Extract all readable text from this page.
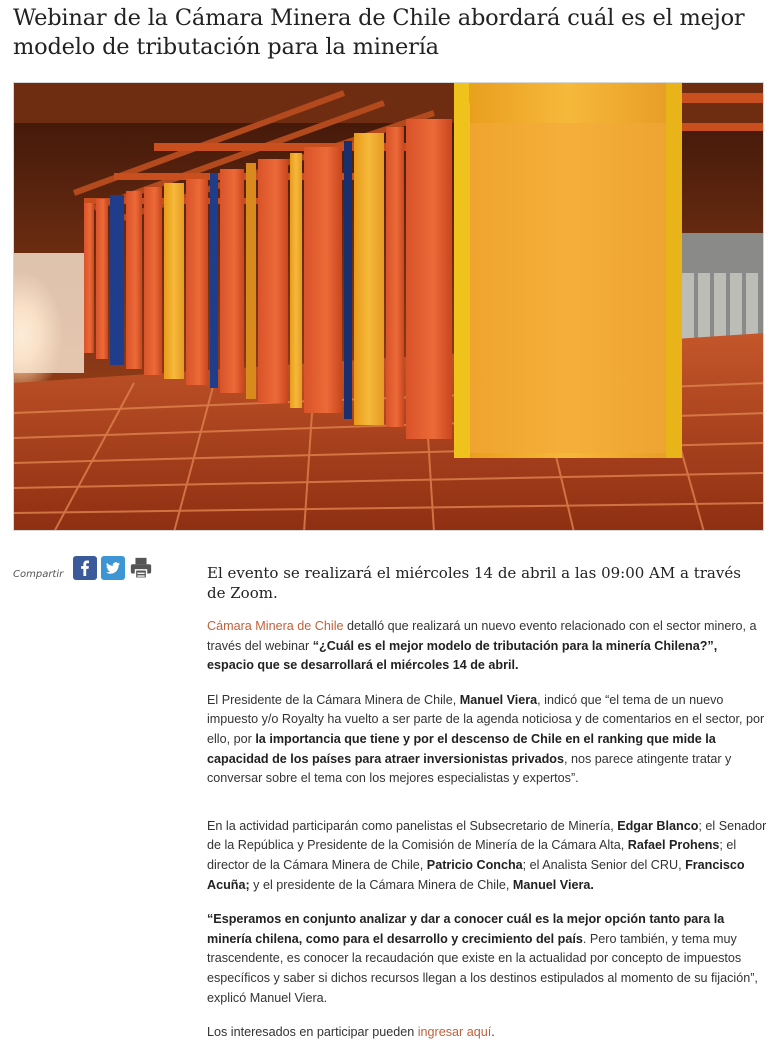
Webinar de la Cámara Minera de Chile abordará cuál es el mejor modelo de tributación para la minería
Compartir	El evento se realizará el miércoles 14 de abril a las 09:00 AM a través de Zoom.

Cámara Minera de Chile detalló que realizará un nuevo evento relacionado con el sector minero, a través del webinar “¿Cuál es el mejor modelo de tributación para la minería Chilena?”, espacio que se desarrollará el miércoles 14 de abril.

El Presidente de la Cámara Minera de Chile, Manuel Viera, indicó que “el tema de un nuevo impuesto y/o Royalty ha vuelto a ser parte de la agenda noticiosa y de comentarios en el sector, por ello, por la importancia que tiene y por el descenso de Chile en el ranking que mide la capacidad de los países para atraer inversionistas privados, nos parece atingente tratar y conversar sobre el tema con los mejores especialistas y expertos”.

En la actividad participarán como panelistas el Subsecretario de Minería, Edgar Blanco; el Senador de la República y Presidente de la Comisión de Minería de la Cámara Alta, Rafael Prohens; el director de la Cámara Minera de Chile, Patricio Concha; el Analista Senior del CRU, Francisco Acuña; y el presidente de la Cámara Minera de Chile, Manuel Viera.

“Esperamos en conjunto analizar y dar a conocer cuál es la mejor opción tanto para la minería chilena, como para el desarrollo y crecimiento del país. Pero también, y tema muy trascendente, es conocer la recaudación que existe en la actualidad por concepto de impuestos específicos y saber si dichos recursos llegan a los destinos estipulados al momento de su fijación”, explicó Manuel Viera.

Los interesados en participar pueden ingresar aquí.
